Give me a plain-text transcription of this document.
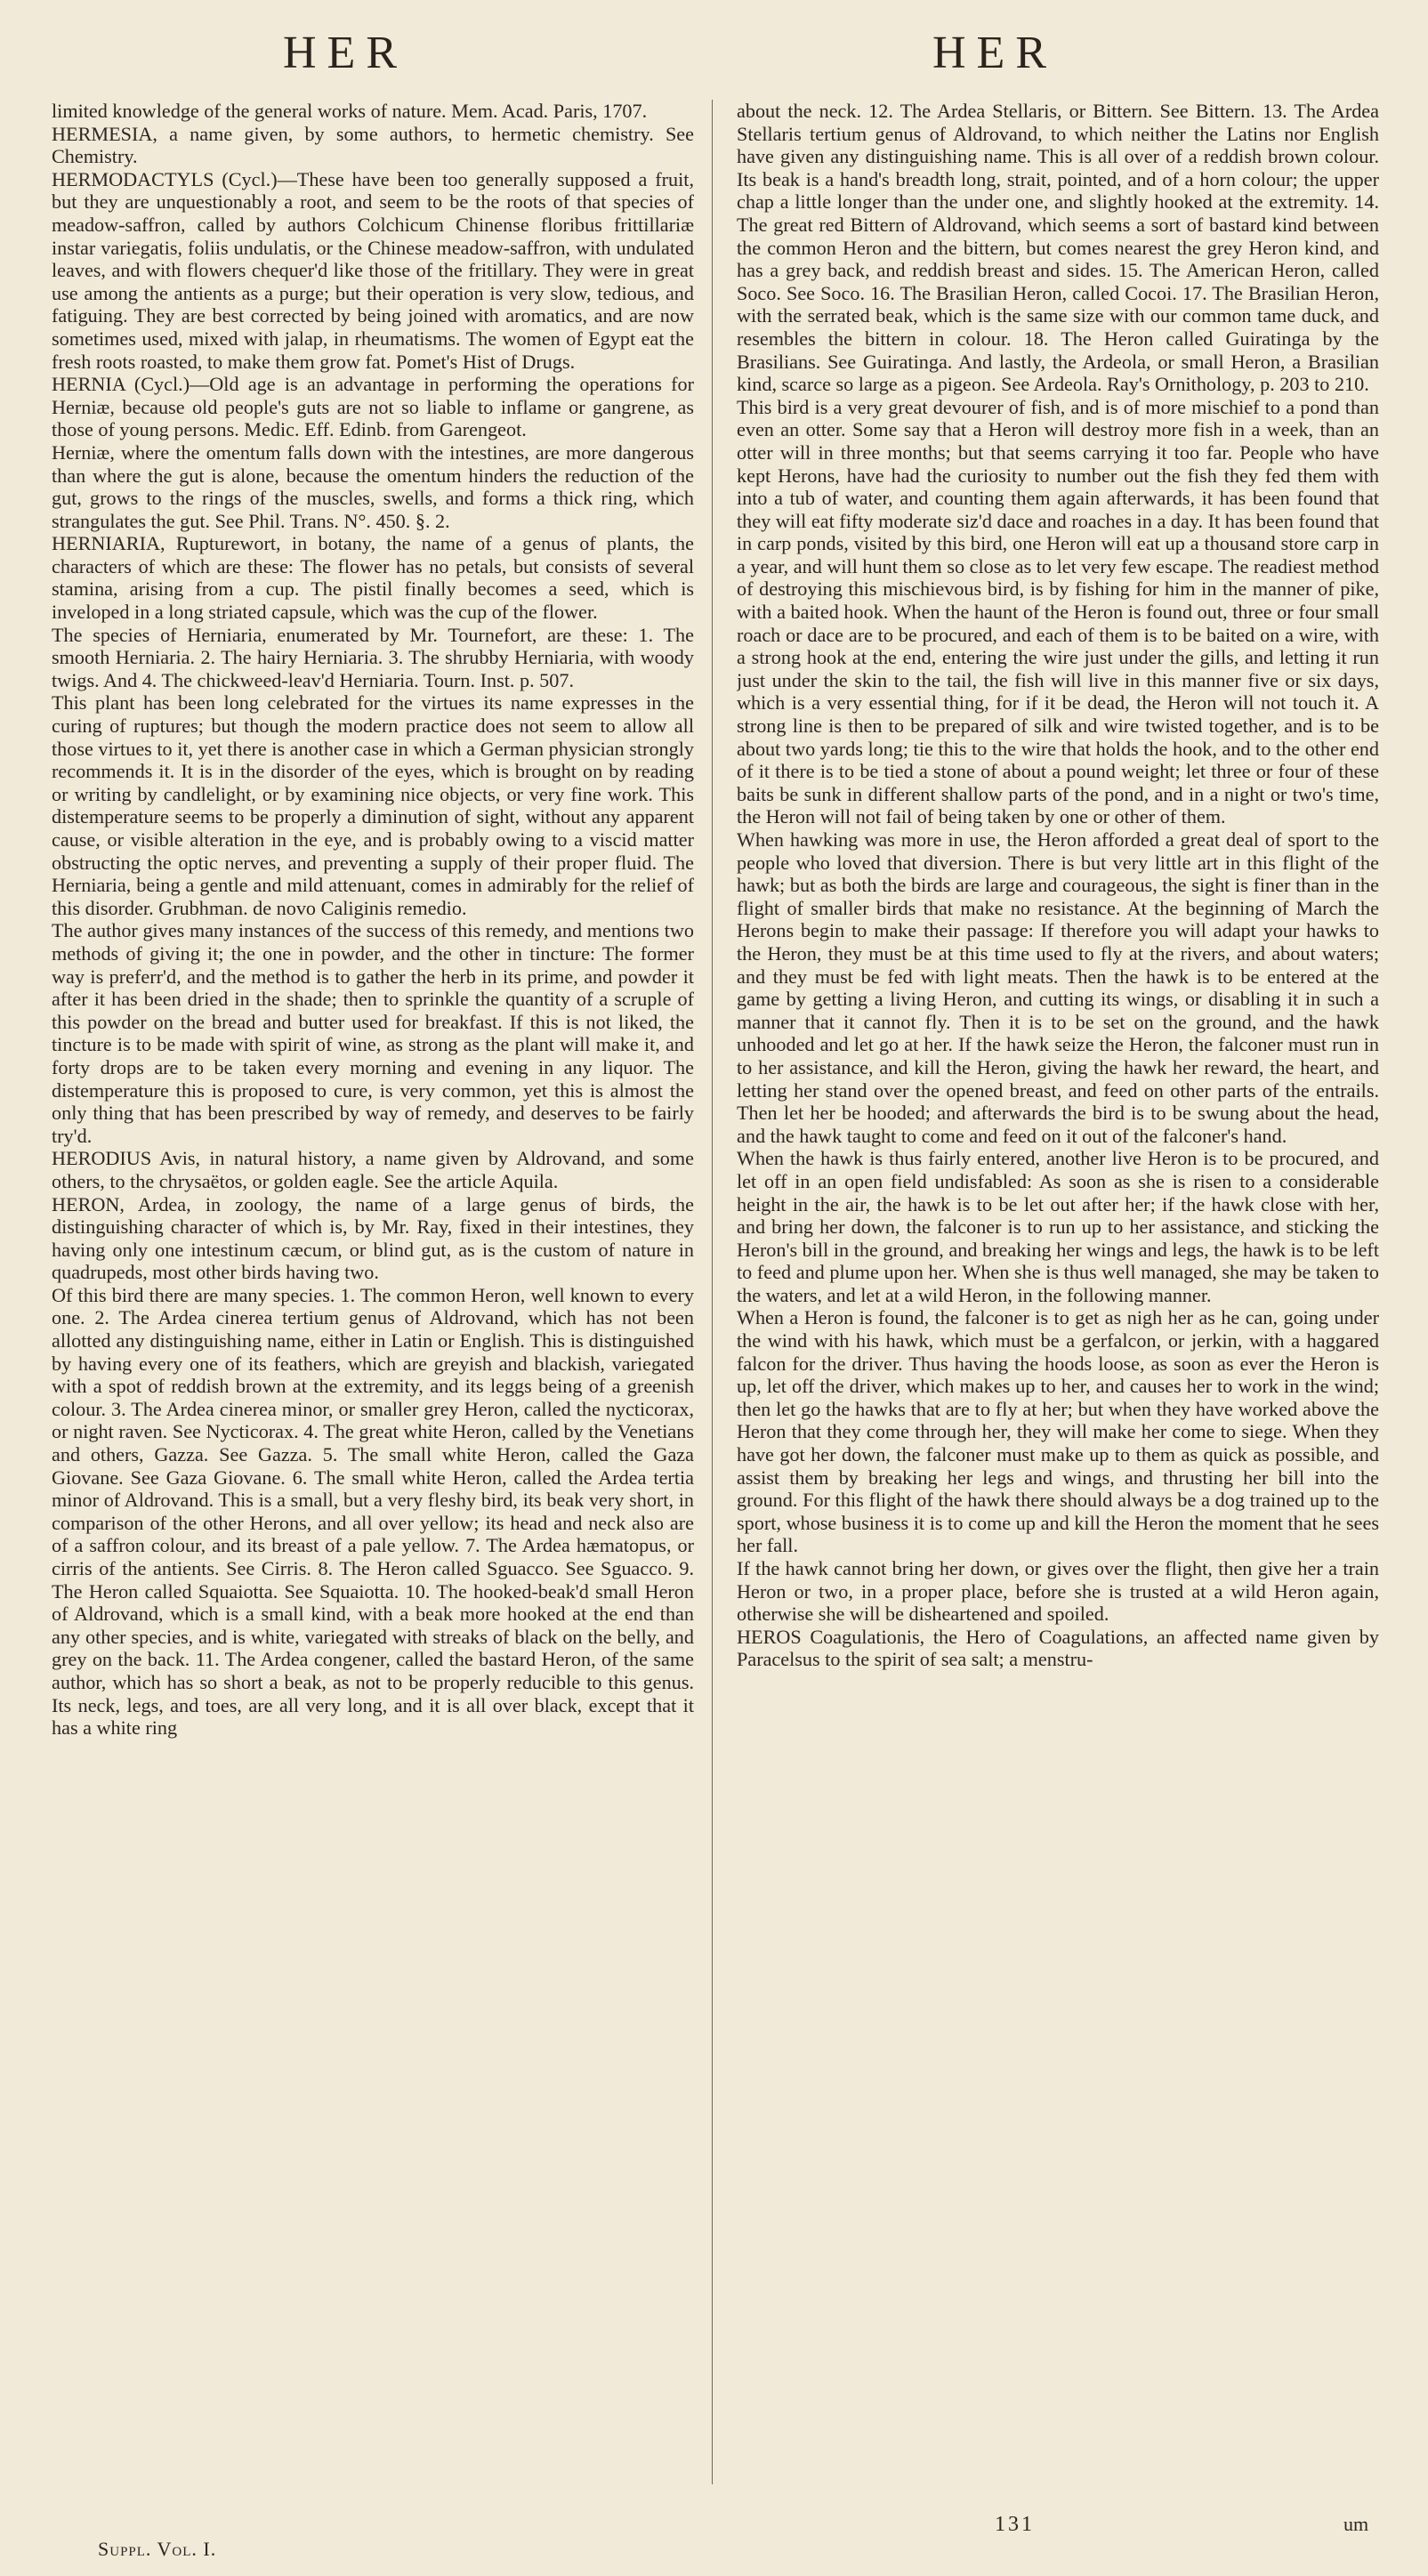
HER	HER

limited knowledge of the general works of nature. Mem. Acad. Paris, 1707.

HERMESIA, a name given, by some authors, to hermetic chemistry. See Chemistry.

HERMODACTYLS (Cycl.)—These have been too generally supposed a fruit, but they are unquestionably a root, and seem to be the roots of that species of meadow-saffron, called by authors Colchicum Chinense floribus frittillariæ instar variegatis, foliis undulatis, or the Chinese meadow-saffron, with undulated leaves, and with flowers chequer'd like those of the fritillary. They were in great use among the antients as a purge; but their operation is very slow, tedious, and fatiguing. They are best corrected by being joined with aromatics, and are now sometimes used, mixed with jalap, in rheumatisms. The women of Egypt eat the fresh roots roasted, to make them grow fat. Pomet's Hist of Drugs.

HERNIA (Cycl.)—Old age is an advantage in performing the operations for Herniæ, because old people's guts are not so liable to inflame or gangrene, as those of young persons. Medic. Eff. Edinb. from Garengeot.

Herniæ, where the omentum falls down with the intestines, are more dangerous than where the gut is alone, because the omentum hinders the reduction of the gut, grows to the rings of the muscles, swells, and forms a thick ring, which strangulates the gut. See Phil. Trans. N°. 450. §. 2.

HERNIARIA, Rupturewort, in botany, the name of a genus of plants, the characters of which are these: The flower has no petals, but consists of several stamina, arising from a cup. The pistil finally becomes a seed, which is inveloped in a long striated capsule, which was the cup of the flower.

The species of Herniaria, enumerated by Mr. Tournefort, are these: 1. The smooth Herniaria. 2. The hairy Herniaria. 3. The shrubby Herniaria, with woody twigs. And 4. The chickweed-leav'd Herniaria. Tourn. Inst. p. 507.

This plant has been long celebrated for the virtues its name expresses in the curing of ruptures; but though the modern practice does not seem to allow all those virtues to it, yet there is another case in which a German physician strongly recommends it. It is in the disorder of the eyes, which is brought on by reading or writing by candlelight, or by examining nice objects, or very fine work. This distemperature seems to be properly a diminution of sight, without any apparent cause, or visible alteration in the eye, and is probably owing to a viscid matter obstructing the optic nerves, and preventing a supply of their proper fluid. The Herniaria, being a gentle and mild attenuant, comes in admirably for the relief of this disorder. Grubhman. de novo Caliginis remedio.

The author gives many instances of the success of this remedy, and mentions two methods of giving it; the one in powder, and the other in tincture: The former way is preferr'd, and the method is to gather the herb in its prime, and powder it after it has been dried in the shade; then to sprinkle the quantity of a scruple of this powder on the bread and butter used for breakfast. If this is not liked, the tincture is to be made with spirit of wine, as strong as the plant will make it, and forty drops are to be taken every morning and evening in any liquor. The distemperature this is proposed to cure, is very common, yet this is almost the only thing that has been prescribed by way of remedy, and deserves to be fairly try'd.

HERODIUS Avis, in natural history, a name given by Aldrovand, and some others, to the chrysaëtos, or golden eagle. See the article Aquila.

HERON, Ardea, in zoology, the name of a large genus of birds, the distinguishing character of which is, by Mr. Ray, fixed in their intestines, they having only one intestinum cæcum, or blind gut, as is the custom of nature in quadrupeds, most other birds having two.

Of this bird there are many species. 1. The common Heron, well known to every one. 2. The Ardea cinerea tertium genus of Aldrovand, which has not been allotted any distinguishing name, either in Latin or English. This is distinguished by having every one of its feathers, which are greyish and blackish, variegated with a spot of reddish brown at the extremity, and its leggs being of a greenish colour. 3. The Ardea cinerea minor, or smaller grey Heron, called the nycticorax, or night raven. See Nycticorax. 4. The great white Heron, called by the Venetians and others, Gazza. See Gazza. 5. The small white Heron, called the Gaza Giovane. See Gaza Giovane. 6. The small white Heron, called the Ardea tertia minor of Aldrovand. This is a small, but a very fleshy bird, its beak very short, in comparison of the other Herons, and all over yellow; its head and neck also are of a saffron colour, and its breast of a pale yellow. 7. The Ardea hæmatopus, or cirris of the antients. See Cirris. 8. The Heron called Sguacco. See Sguacco. 9. The Heron called Squaiotta. See Squaiotta. 10. The hooked-beak'd small Heron of Aldrovand, which is a small kind, with a beak more hooked at the end than any other species, and is white, variegated with streaks of black on the belly, and grey on the back. 11. The Ardea congener, called the bastard Heron, of the same author, which has so short a beak, as not to be properly reducible to this genus. Its neck, legs, and toes, are all very long, and it is all over black, except that it has a white ring

about the neck. 12. The Ardea Stellaris, or Bittern. See Bittern. 13. The Ardea Stellaris tertium genus of Aldrovand, to which neither the Latins nor English have given any distinguishing name. This is all over of a reddish brown colour. Its beak is a hand's breadth long, strait, pointed, and of a horn colour; the upper chap a little longer than the under one, and slightly hooked at the extremity. 14. The great red Bittern of Aldrovand, which seems a sort of bastard kind between the common Heron and the bittern, but comes nearest the grey Heron kind, and has a grey back, and reddish breast and sides. 15. The American Heron, called Soco. See Soco. 16. The Brasilian Heron, called Cocoi. 17. The Brasilian Heron, with the serrated beak, which is the same size with our common tame duck, and resembles the bittern in colour. 18. The Heron called Guiratinga by the Brasilians. See Guiratinga. And lastly, the Ardeola, or small Heron, a Brasilian kind, scarce so large as a pigeon. See Ardeola. Ray's Ornithology, p. 203 to 210.

This bird is a very great devourer of fish, and is of more mischief to a pond than even an otter. Some say that a Heron will destroy more fish in a week, than an otter will in three months; but that seems carrying it too far. People who have kept Herons, have had the curiosity to number out the fish they fed them with into a tub of water, and counting them again afterwards, it has been found that they will eat fifty moderate siz'd dace and roaches in a day. It has been found that in carp ponds, visited by this bird, one Heron will eat up a thousand store carp in a year, and will hunt them so close as to let very few escape. The readiest method of destroying this mischievous bird, is by fishing for him in the manner of pike, with a baited hook. When the haunt of the Heron is found out, three or four small roach or dace are to be procured, and each of them is to be baited on a wire, with a strong hook at the end, entering the wire just under the gills, and letting it run just under the skin to the tail, the fish will live in this manner five or six days, which is a very essential thing, for if it be dead, the Heron will not touch it. A strong line is then to be prepared of silk and wire twisted together, and is to be about two yards long; tie this to the wire that holds the hook, and to the other end of it there is to be tied a stone of about a pound weight; let three or four of these baits be sunk in different shallow parts of the pond, and in a night or two's time, the Heron will not fail of being taken by one or other of them.

When hawking was more in use, the Heron afforded a great deal of sport to the people who loved that diversion. There is but very little art in this flight of the hawk; but as both the birds are large and courageous, the sight is finer than in the flight of smaller birds that make no resistance. At the beginning of March the Herons begin to make their passage: If therefore you will adapt your hawks to the Heron, they must be at this time used to fly at the rivers, and about waters; and they must be fed with light meats. Then the hawk is to be entered at the game by getting a living Heron, and cutting its wings, or disabling it in such a manner that it cannot fly. Then it is to be set on the ground, and the hawk unhooded and let go at her. If the hawk seize the Heron, the falconer must run in to her assistance, and kill the Heron, giving the hawk her reward, the heart, and letting her stand over the opened breast, and feed on other parts of the entrails. Then let her be hooded; and afterwards the bird is to be swung about the head, and the hawk taught to come and feed on it out of the falconer's hand.

When the hawk is thus fairly entered, another live Heron is to be procured, and let off in an open field undisfabled: As soon as she is risen to a considerable height in the air, the hawk is to be let out after her; if the hawk close with her, and bring her down, the falconer is to run up to her assistance, and sticking the Heron's bill in the ground, and breaking her wings and legs, the hawk is to be left to feed and plume upon her. When she is thus well managed, she may be taken to the waters, and let at a wild Heron, in the following manner.

When a Heron is found, the falconer is to get as nigh her as he can, going under the wind with his hawk, which must be a gerfalcon, or jerkin, with a haggared falcon for the driver. Thus having the hoods loose, as soon as ever the Heron is up, let off the driver, which makes up to her, and causes her to work in the wind; then let go the hawks that are to fly at her; but when they have worked above the Heron that they come through her, they will make her come to siege. When they have got her down, the falconer must make up to them as quick as possible, and assist them by breaking her legs and wings, and thrusting her bill into the ground. For this flight of the hawk there should always be a dog trained up to the sport, whose business it is to come up and kill the Heron the moment that he sees her fall.

If the hawk cannot bring her down, or gives over the flight, then give her a train Heron or two, in a proper place, before she is trusted at a wild Heron again, otherwise she will be disheartened and spoiled.

HEROS Coagulationis, the Hero of Coagulations, an affected name given by Paracelsus to the spirit of sea salt; a menstru-

Suppl. Vol. I.
131	um
